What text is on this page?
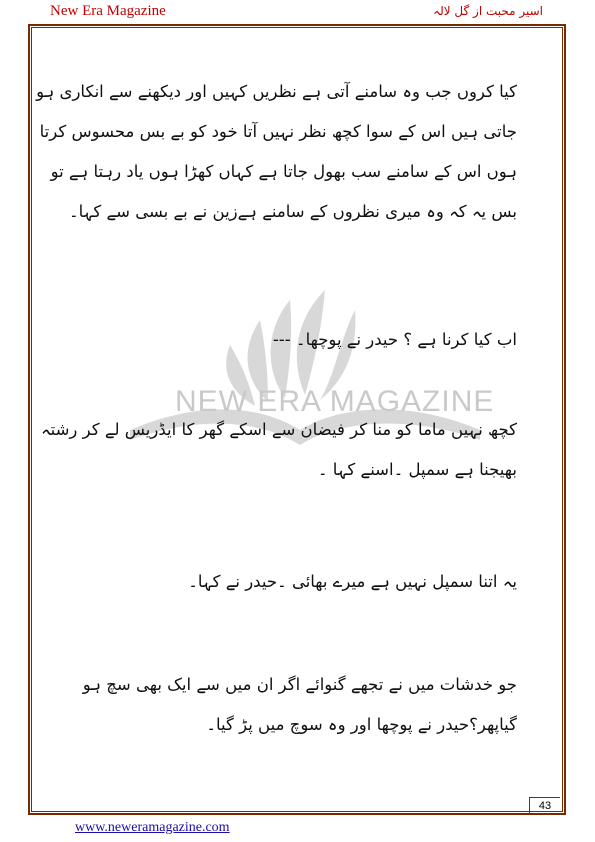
New Era Magazine	اسیر محبت از گل لالہ
NEW ERA MAGAZINE
کیا کروں جب وہ سامنے آتی ہے نظریں کہیں اور دیکھنے سے انکاری ہو
جاتی ہیں اس کے سوا کچھ نظر نہیں آتا خود کو بے بس محسوس کرتا
ہوں اس کے سامنے سب بھول جاتا ہے کہاں کھڑا ہوں یاد رہتا ہے تو
بس یہ کہ وہ میری نظروں کے سامنے ہےزین نے بے بسی سے کہا۔
اب کیا کرنا ہے ؟ حیدر نے پوچھا۔ ---
کچھ نہیں ماما کو منا کر فیضان سے اسکے گھر کا ایڈریس لے کر رشتہ
بھیجنا ہے سمپل ۔اسنے کہا ۔
یہ اتنا سمپل نہیں ہے میرے بھائی ۔حیدر نے کہا۔
جو خدشات میں نے تجھے گنوائے اگر ان میں سے ایک بھی سچ ہو
گیاپھر؟حیدر نے پوچھا اور وہ سوچ میں پڑ گیا۔
43
www.neweramagazine.com
